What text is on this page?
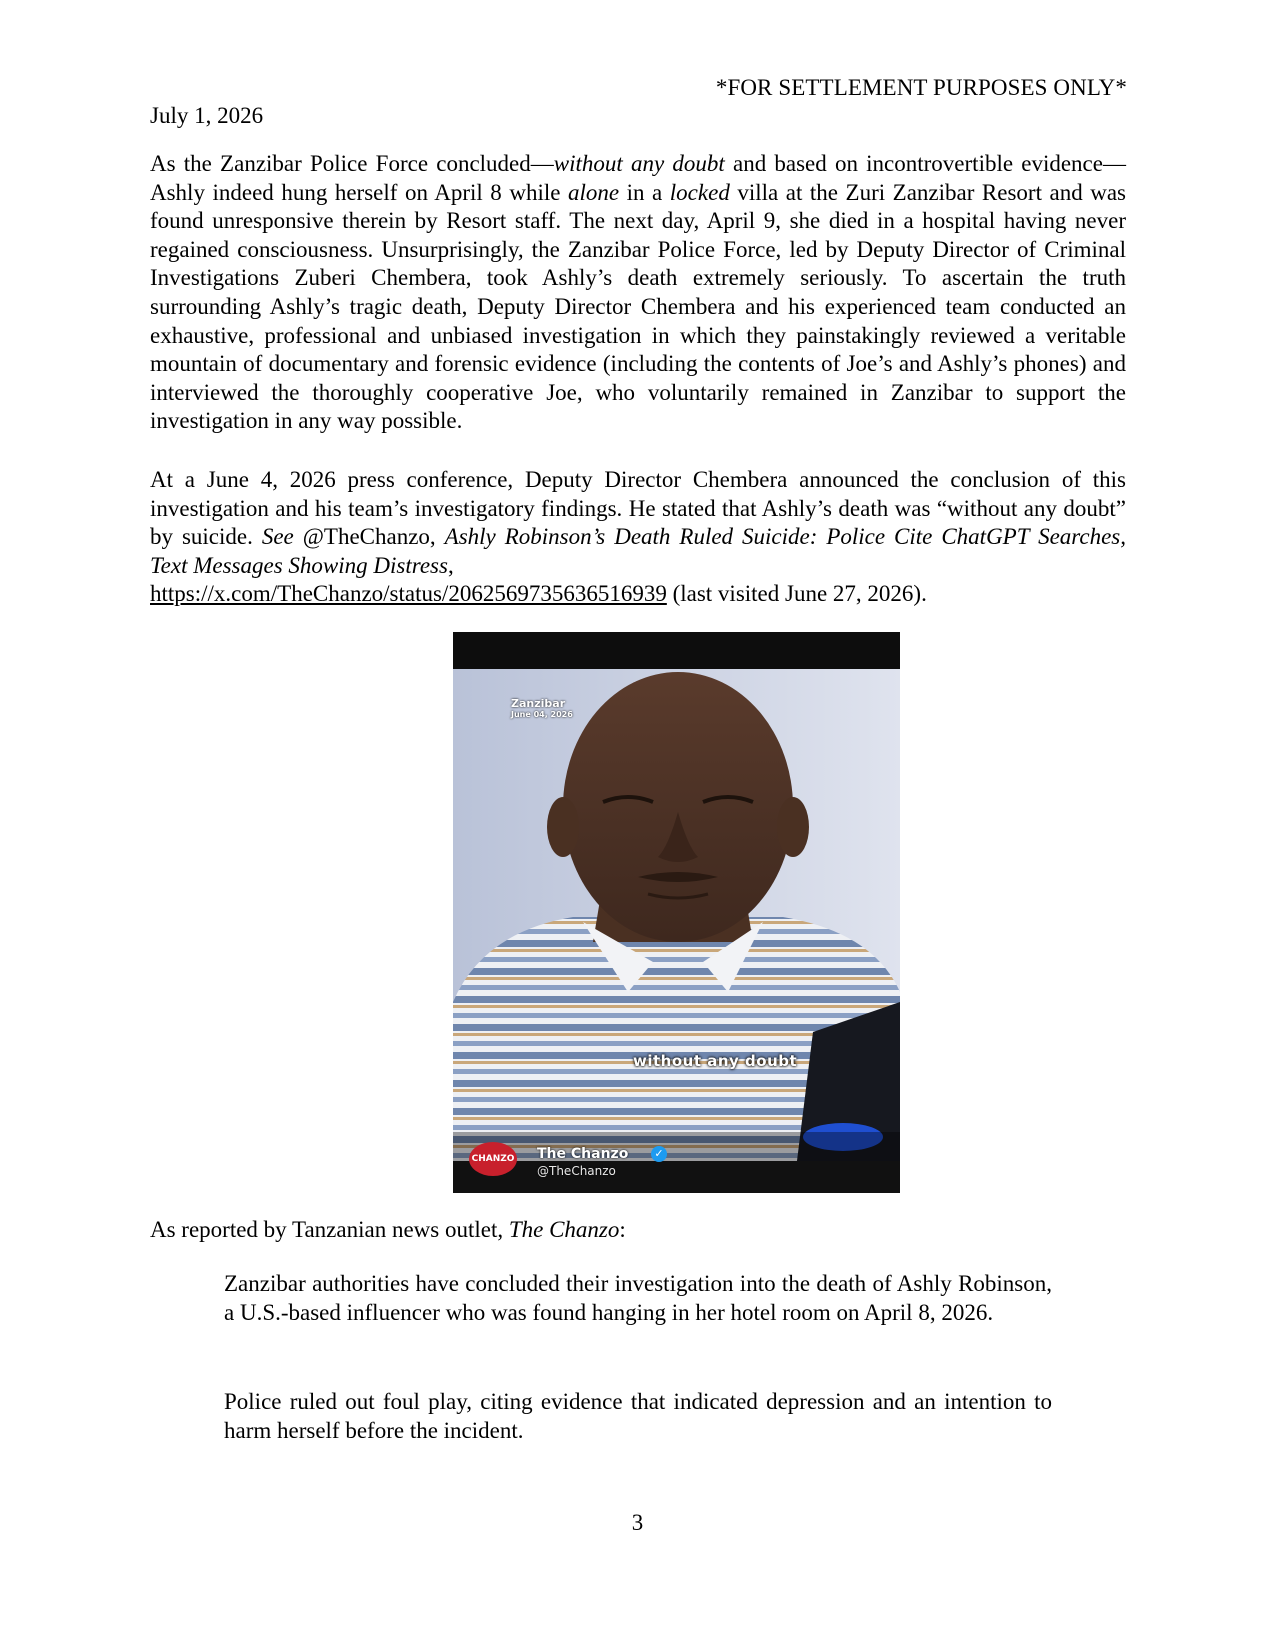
*FOR SETTLEMENT PURPOSES ONLY*
July 1, 2026

As the Zanzibar Police Force concluded—without any doubt and based on incontrovertible evidence—Ashly indeed hung herself on April 8 while alone in a locked villa at the Zuri Zanzibar Resort and was found unresponsive therein by Resort staff. The next day, April 9, she died in a hospital having never regained consciousness. Unsurprisingly, the Zanzibar Police Force, led by Deputy Director of Criminal Investigations Zuberi Chembera, took Ashly’s death extremely seriously. To ascertain the truth surrounding Ashly’s tragic death, Deputy Director Chembera and his experienced team conducted an exhaustive, professional and unbiased investigation in which they painstakingly reviewed a veritable mountain of documentary and forensic evidence (including the contents of Joe’s and Ashly’s phones) and interviewed the thoroughly cooperative Joe, who voluntarily remained in Zanzibar to support the investigation in any way possible.

At a June 4, 2026 press conference, Deputy Director Chembera announced the conclusion of this investigation and his team’s investigatory findings. He stated that Ashly’s death was “without any doubt” by suicide. See @TheChanzo, Ashly Robinson’s Death Ruled Suicide: Police Cite ChatGPT Searches, Text Messages Showing Distress,
https://x.com/TheChanzo/status/2062569735636516939 (last visited June 27, 2026).

Zanzibar
June 04, 2026
without any doubt
CHANZO The Chanzo	✓
@TheChanzo

As reported by Tanzanian news outlet, The Chanzo:

Zanzibar authorities have concluded their investigation into the death of Ashly Robinson, a U.S.-based influencer who was found hanging in her hotel room on April 8, 2026.

Police ruled out foul play, citing evidence that indicated depression and an intention to harm herself before the incident.

3
